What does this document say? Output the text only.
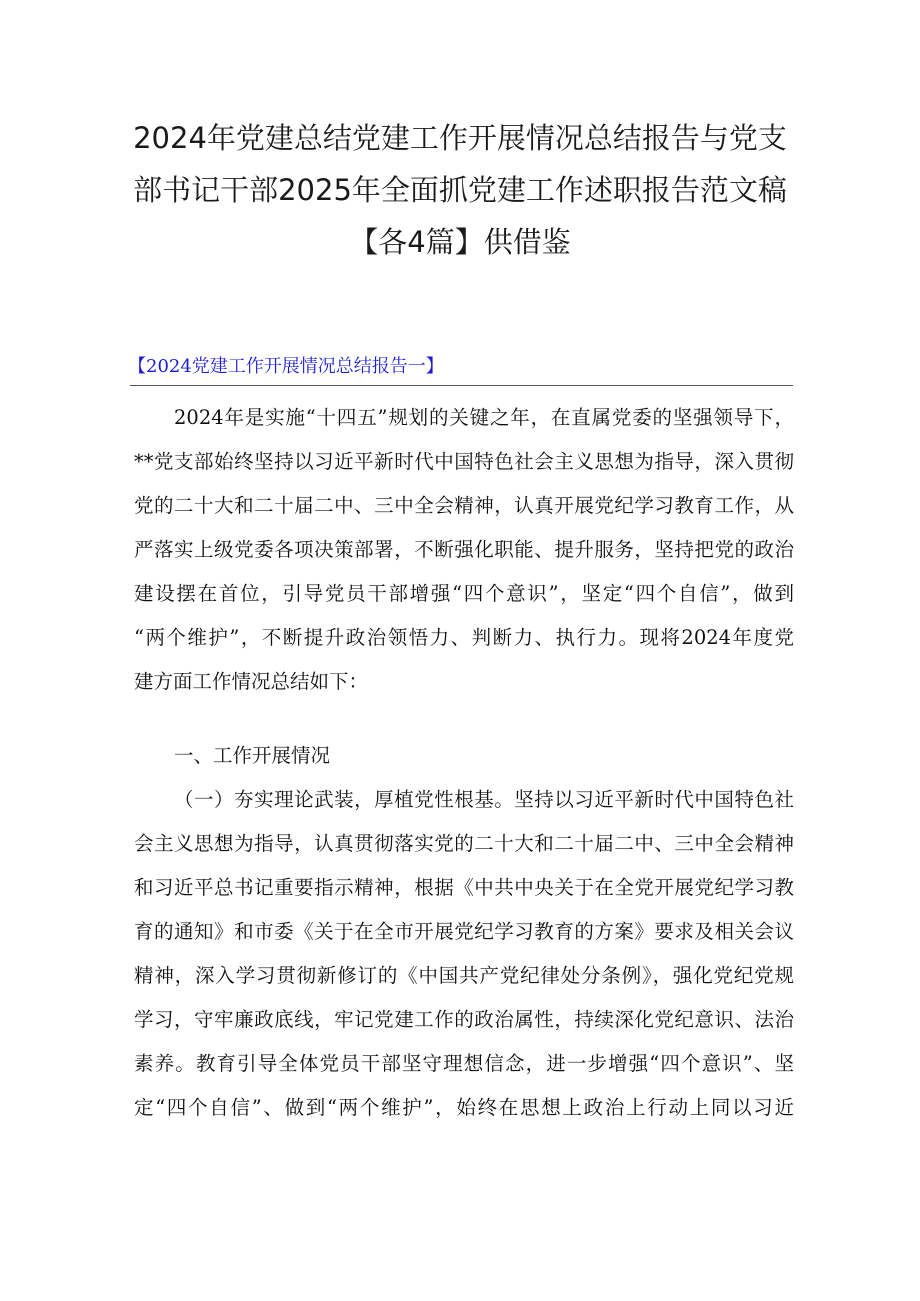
2024年党建总结党建工作开展情况总结报告与党支
部书记干部2025年全面抓党建工作述职报告范文稿
【各4篇】供借鉴
【2024党建工作开展情况总结报告一】
2024年是实施“十四五”规划的关键之年，在直属党委的坚强领导下，
**党支部始终坚持以习近平新时代中国特色社会主义思想为指导，深入贯彻
党的二十大和二十届二中、三中全会精神，认真开展党纪学习教育工作，从
严落实上级党委各项决策部署，不断强化职能、提升服务，坚持把党的政治
建设摆在首位，引导党员干部增强“四个意识”，坚定“四个自信”，做到
“两个维护”，不断提升政治领悟力、判断力、执行力。现将2024年度党
建方面工作情况总结如下：
一、工作开展情况
（一）夯实理论武装，厚植党性根基。坚持以习近平新时代中国特色社
会主义思想为指导，认真贯彻落实党的二十大和二十届二中、三中全会精神
和习近平总书记重要指示精神，根据《中共中央关于在全党开展党纪学习教
育的通知》和市委《关于在全市开展党纪学习教育的方案》要求及相关会议
精神，深入学习贯彻新修订的《中国共产党纪律处分条例》，强化党纪党规
学习，守牢廉政底线，牢记党建工作的政治属性，持续深化党纪意识、法治
素养。教育引导全体党员干部坚守理想信念，进一步增强“四个意识”、坚
定“四个自信”、做到“两个维护”，始终在思想上政治上行动上同以习近
